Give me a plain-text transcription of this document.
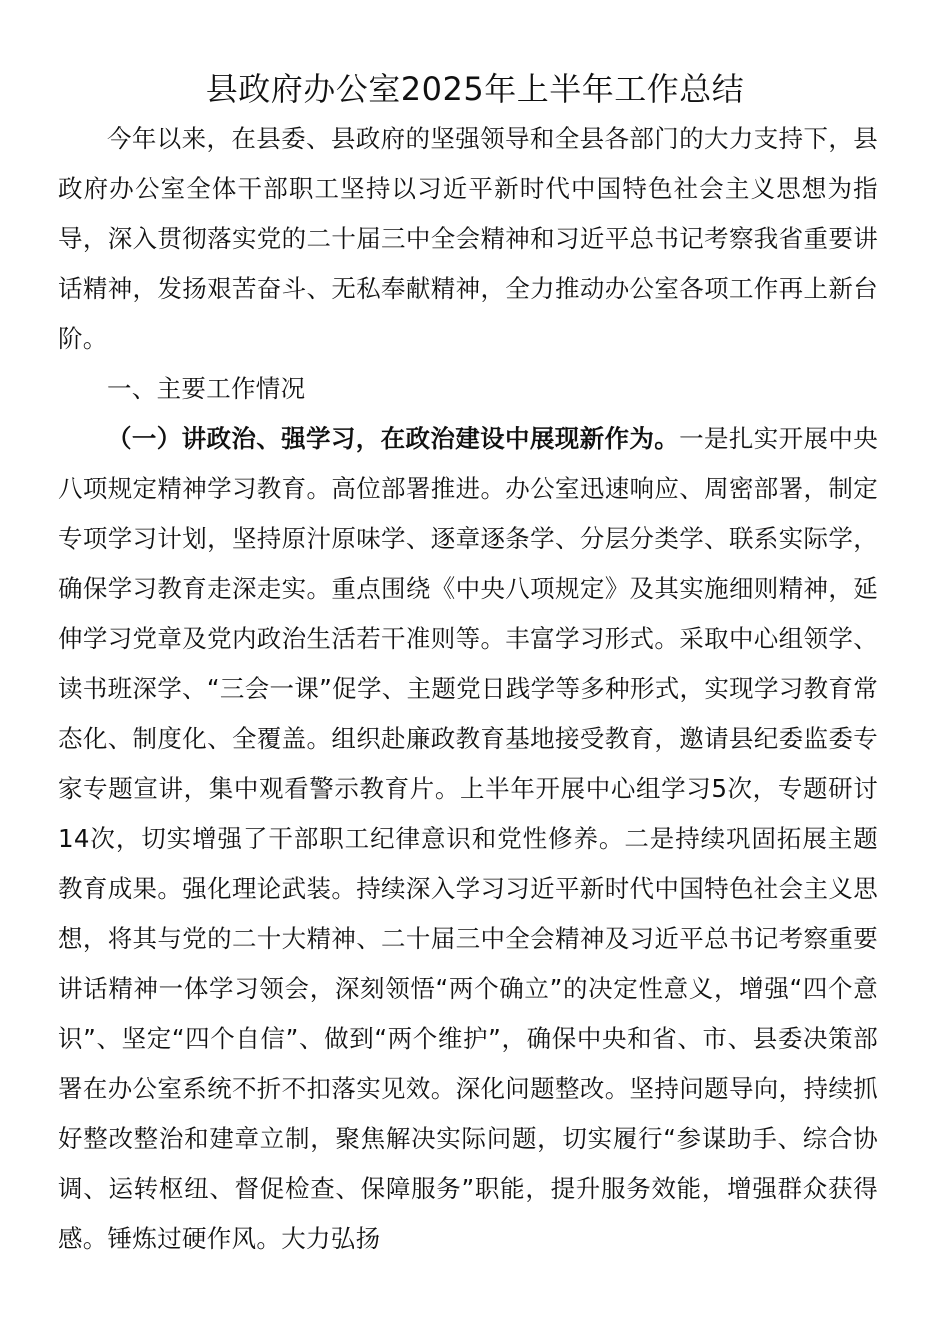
县政府办公室2025年上半年工作总结

今年以来，在县委、县政府的坚强领导和全县各部门的大力支持下，县政府办公室全体干部职工坚持以习近平新时代中国特色社会主义思想为指导，深入贯彻落实党的二十届三中全会精神和习近平总书记考察我省重要讲话精神，发扬艰苦奋斗、无私奉献精神，全力推动办公室各项工作再上新台阶。

一、主要工作情况

（一）讲政治、强学习，在政治建设中展现新作为。一是扎实开展中央八项规定精神学习教育。高位部署推进。办公室迅速响应、周密部署，制定专项学习计划，坚持原汁原味学、逐章逐条学、分层分类学、联系实际学，确保学习教育走深走实。重点围绕《中央八项规定》及其实施细则精神，延伸学习党章及党内政治生活若干准则等。丰富学习形式。采取中心组领学、读书班深学、“三会一课”促学、主题党日践学等多种形式，实现学习教育常态化、制度化、全覆盖。组织赴廉政教育基地接受教育，邀请县纪委监委专家专题宣讲，集中观看警示教育片。上半年开展中心组学习5次，专题研讨14次，切实增强了干部职工纪律意识和党性修养。二是持续巩固拓展主题教育成果。强化理论武装。持续深入学习习近平新时代中国特色社会主义思想，将其与党的二十大精神、二十届三中全会精神及习近平总书记考察重要讲话精神一体学习领会，深刻领悟“两个确立”的决定性意义，增强“四个意识”、坚定“四个自信”、做到“两个维护”，确保中央和省、市、县委决策部署在办公室系统不折不扣落实见效。深化问题整改。坚持问题导向，持续抓好整改整治和建章立制，聚焦解决实际问题，切实履行“参谋助手、综合协调、运转枢纽、督促检查、保障服务”职能，提升服务效能，增强群众获得感。锤炼过硬作风。大力弘扬
